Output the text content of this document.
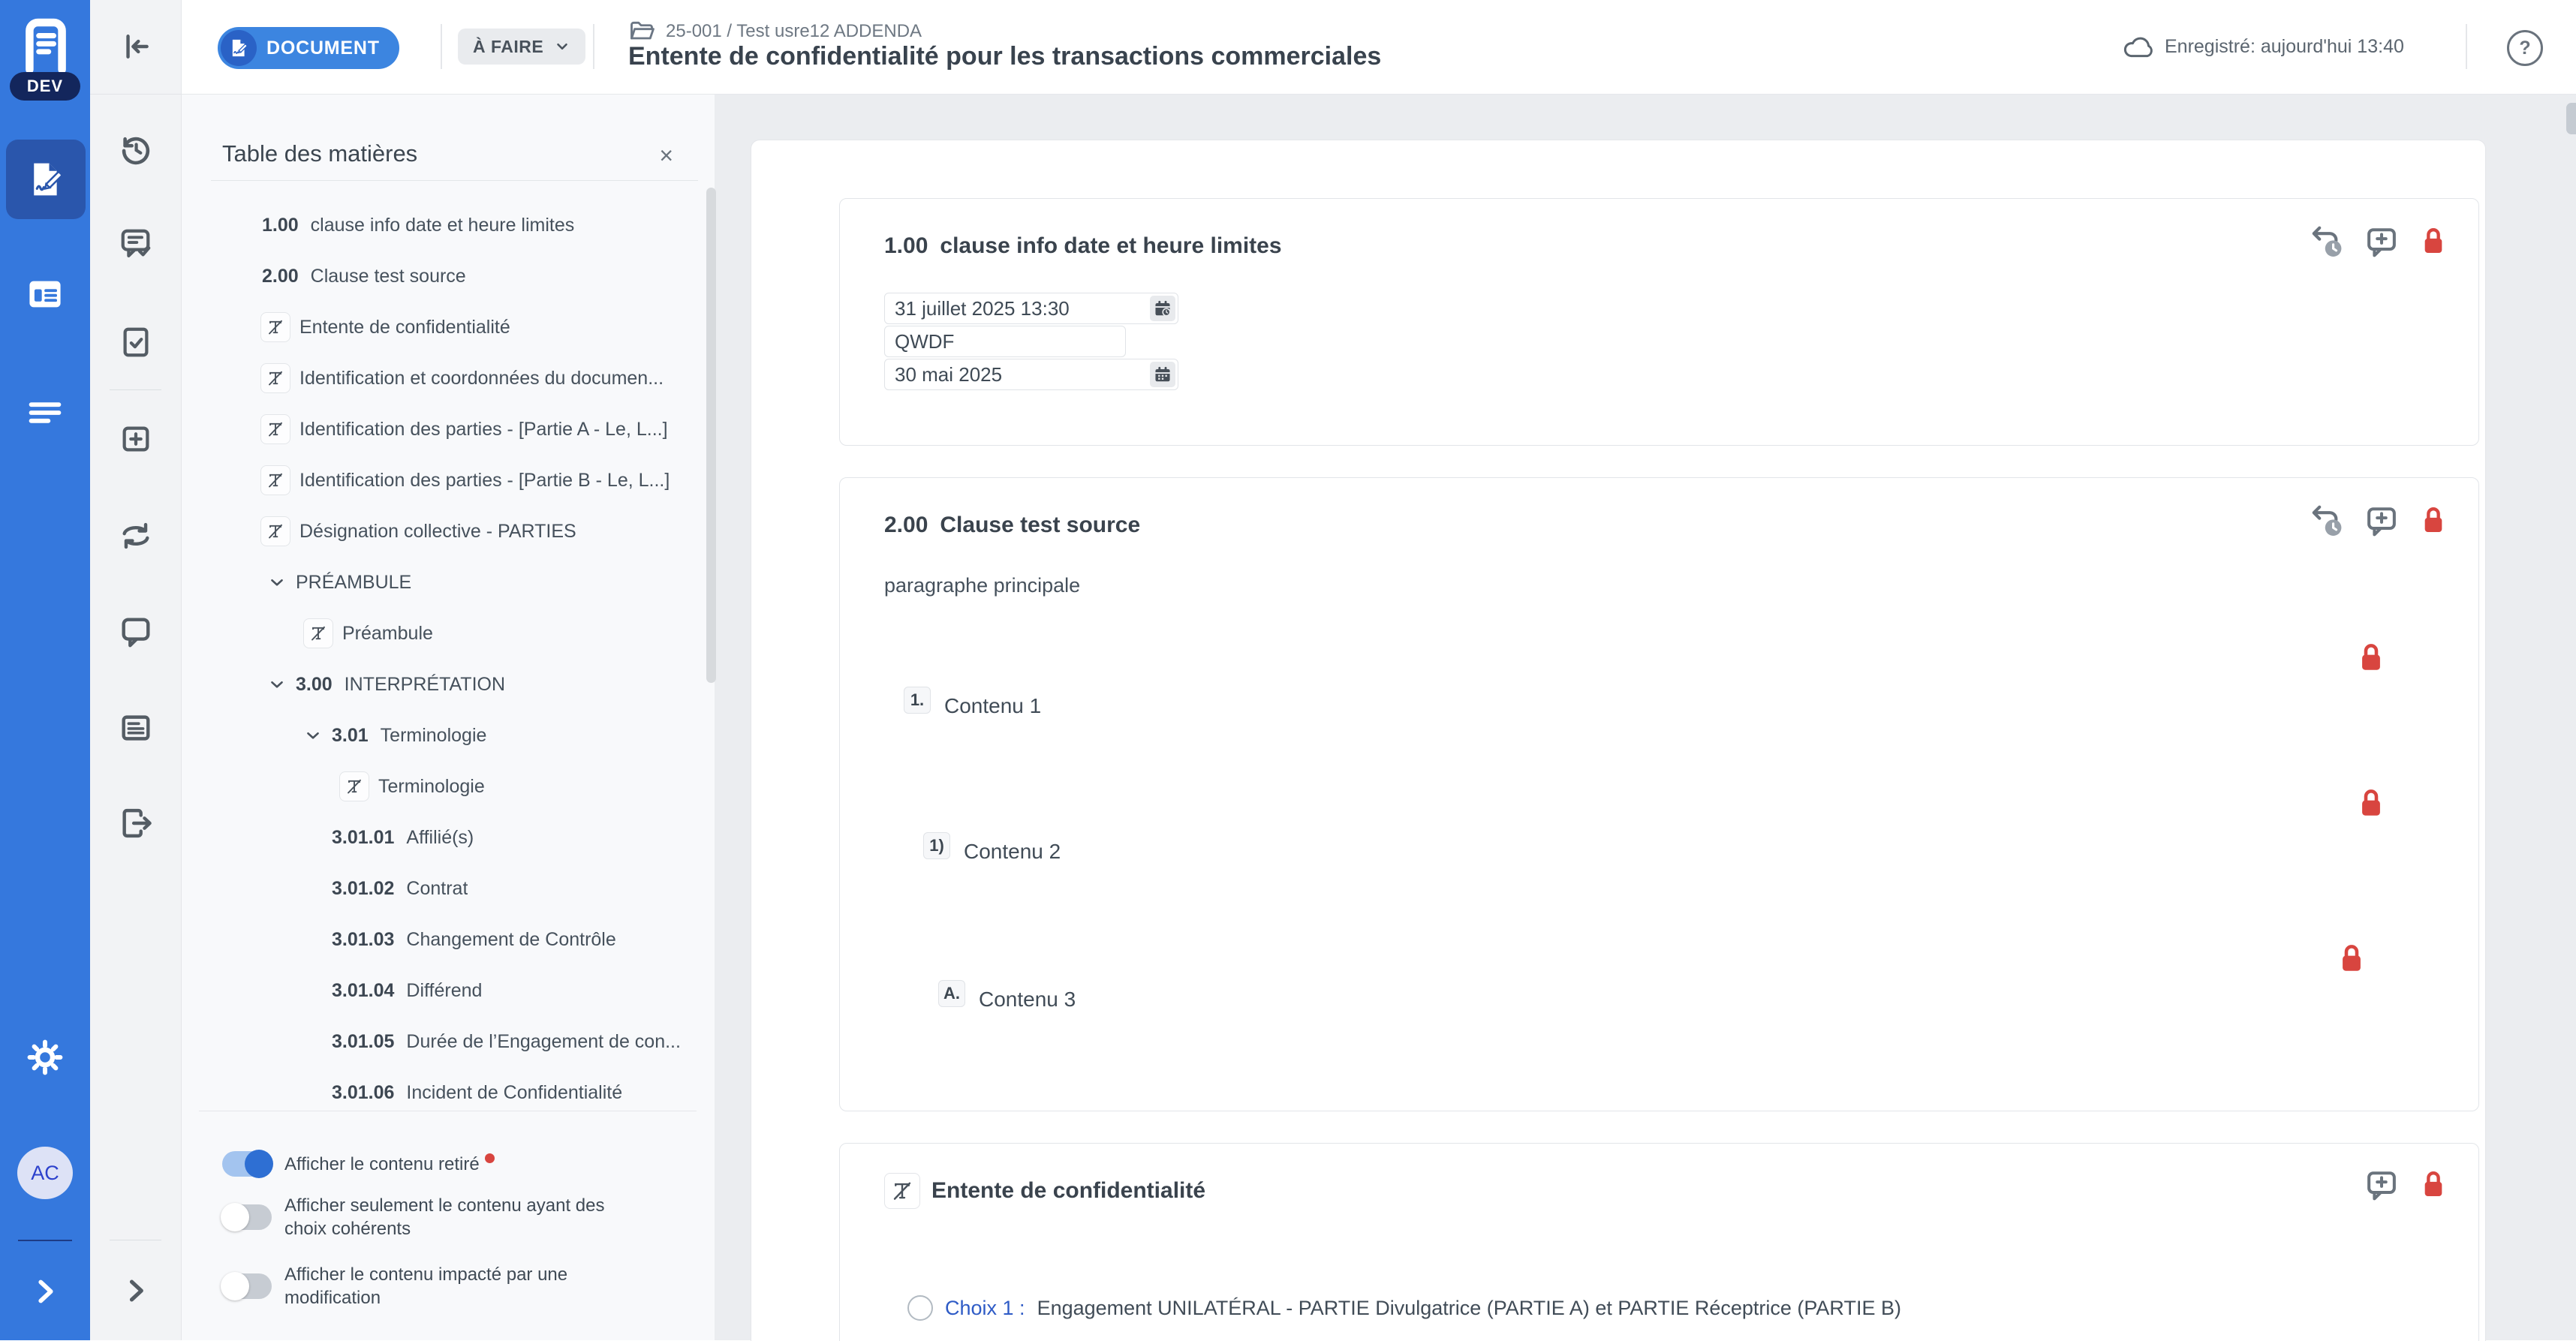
DEV
AC
DOCUMENT	À FAIRE
25-001 / Test usre12 ADDENDA
Entente de confidentialité pour les transactions commerciales	Enregistré: aujourd'hui 13:40	?
1.00 clause info date et heure limites
31 juillet 2025 13:30
QWDF
30 mai 2025
2.00 Clause test source
paragraphe principale
1. Contenu 1
1) Contenu 2
A. Contenu 3
Entente de confidentialité
Choix 1 : Engagement UNILATÉRAL - PARTIE Divulgatrice (PARTIE A) et PARTIE Réceptrice (PARTIE B)
Table des matières	×
1.00 clause info date et heure limites
2.00 Clause test source
Entente de confidentialité
Identification et coordonnées du documen...
Identification des parties - [Partie A - Le, L...]
Identification des parties - [Partie B - Le, L...]
Désignation collective - PARTIES
PRÉAMBULE
Préambule
3.00 INTERPRÉTATION
3.01 Terminologie
Terminologie
3.01.01 Affilié(s)
3.01.02 Contrat
3.01.03 Changement de Contrôle
3.01.04 Différend
3.01.05 Durée de l’Engagement de con...
3.01.06 Incident de Confidentialité
Afficher le contenu retiré
Afficher seulement le contenu ayant des choix cohérents
Afficher le contenu impacté par une modification
